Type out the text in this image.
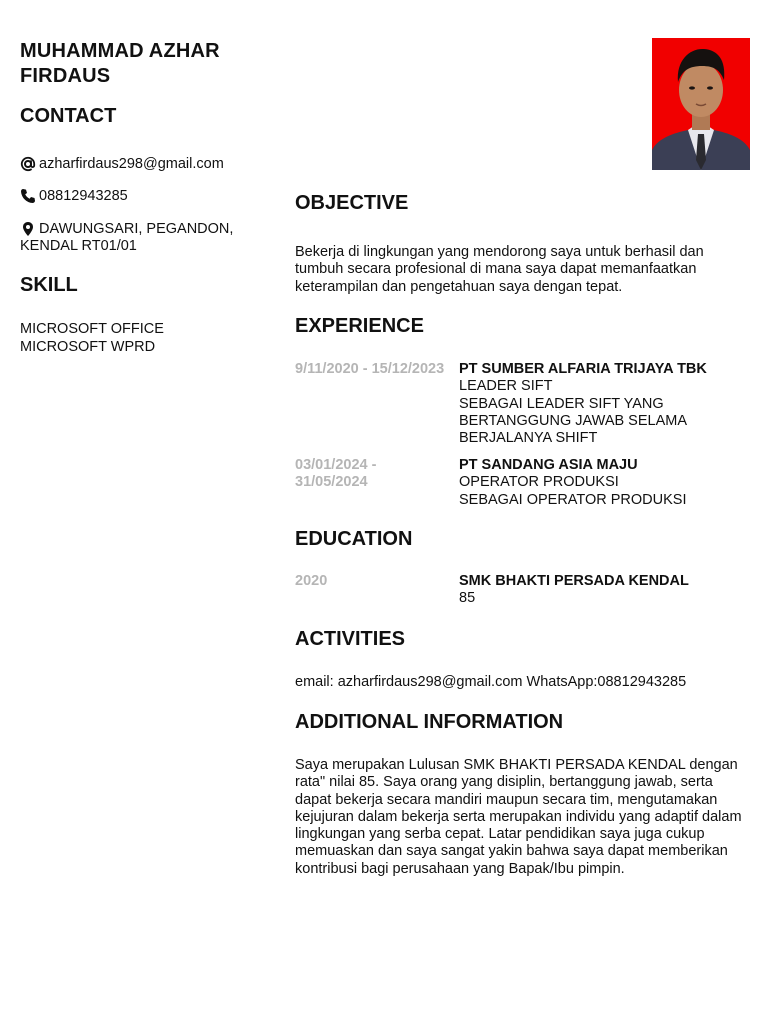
MUHAMMAD AZHAR FIRDAUS
CONTACT
azharfirdaus298@gmail.com
08812943285
DAWUNGSARI, PEGANDON, KENDAL RT01/01
SKILL
MICROSOFT OFFICE
MICROSOFT WPRD
OBJECTIVE
Bekerja di lingkungan yang mendorong saya untuk berhasil dan tumbuh secara profesional di mana saya dapat memanfaatkan keterampilan dan pengetahuan saya dengan tepat.
EXPERIENCE
9/11/2020 - 15/12/2023 PT SUMBER ALFARIA TRIJAYA TBK
LEADER SIFT
SEBAGAI LEADER SIFT YANG BERTANGGUNG JAWAB SELAMA BERJALANYA SHIFT
03/01/2024 - 31/05/2024
PT SANDANG ASIA MAJU
OPERATOR PRODUKSI
SEBAGAI OPERATOR PRODUKSI
EDUCATION
2020	SMK BHAKTI PERSADA KENDAL
85
ACTIVITIES
email: azharfirdaus298@gmail.com WhatsApp:08812943285
ADDITIONAL INFORMATION
Saya merupakan Lulusan SMK BHAKTI PERSADA KENDAL dengan rata" nilai 85. Saya orang yang disiplin, bertanggung jawab, serta dapat bekerja secara mandiri maupun secara tim, mengutamakan kejujuran dalam bekerja serta merupakan individu yang adaptif dalam lingkungan yang serba cepat. Latar pendidikan saya juga cukup memuaskan dan saya sangat yakin bahwa saya dapat memberikan kontribusi bagi perusahaan yang Bapak/Ibu pimpin.
